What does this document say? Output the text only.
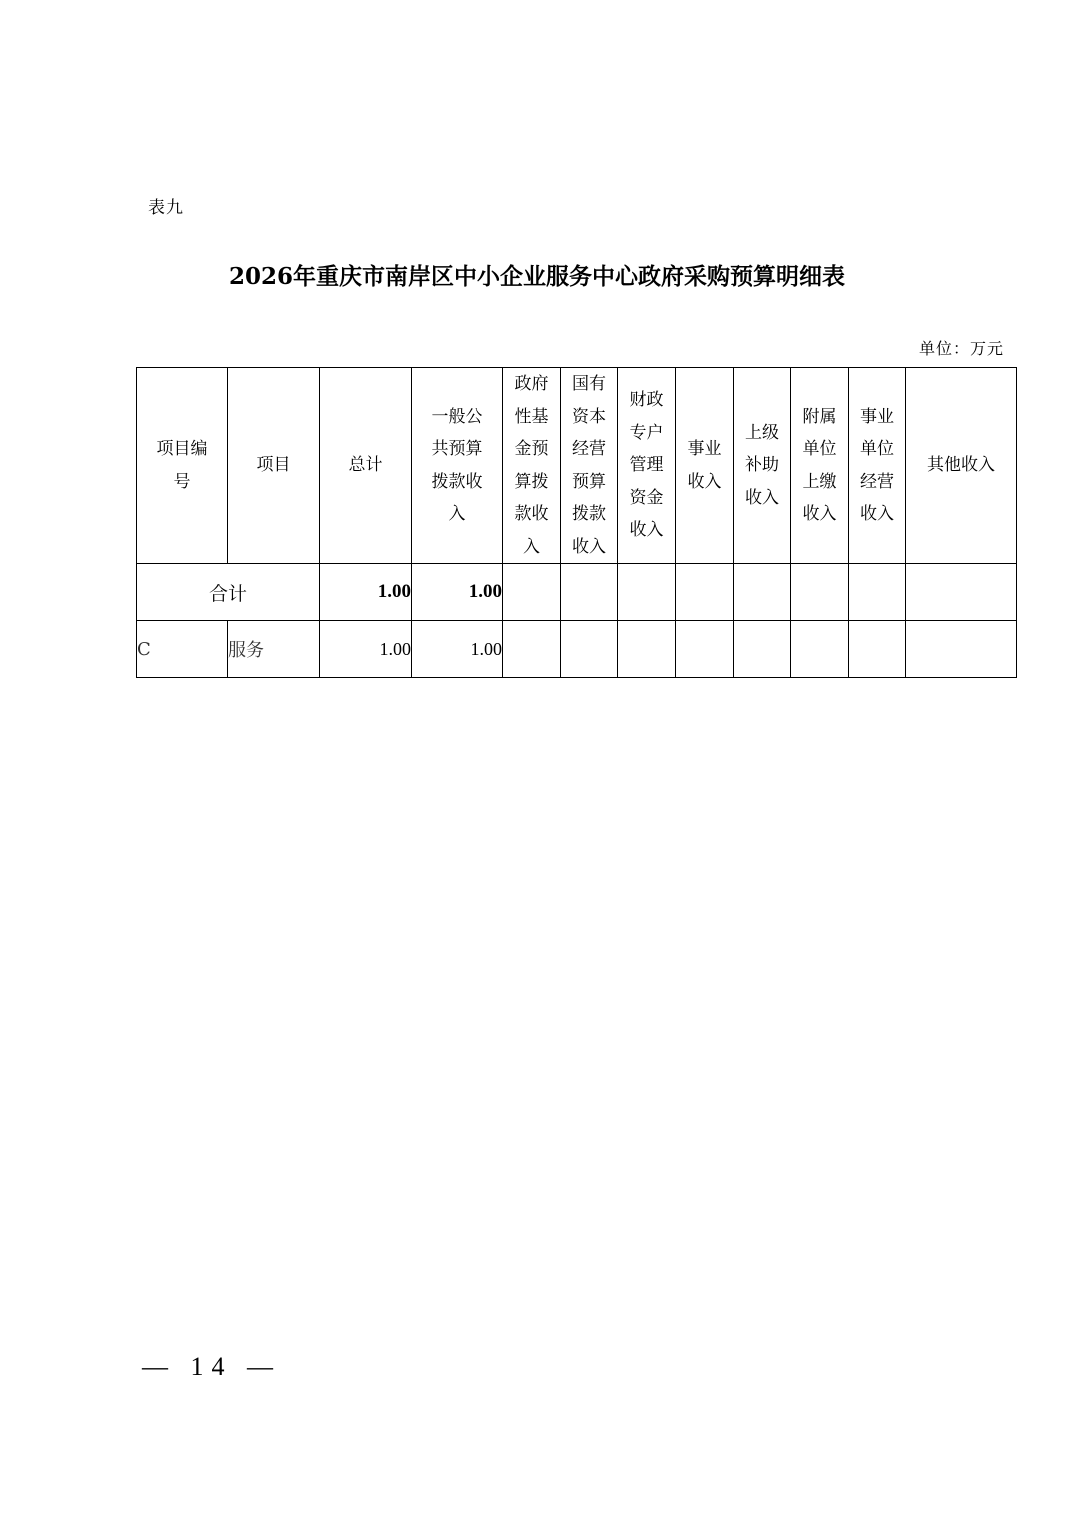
表九
2026年重庆市南岸区中小企业服务中心政府采购预算明细表
单位：万元
项目编号	项目	总计	一般公共预算拨款收入	政府性基金预算拨款收入	国有资本经营预算拨款收入	财政专户管理资金收入	事业收入	上级补助收入	附属单位上缴收入	事业单位经营收入	其他收入
合计		1.00	1.00								
C	服务	1.00	1.00								
— 14 —
